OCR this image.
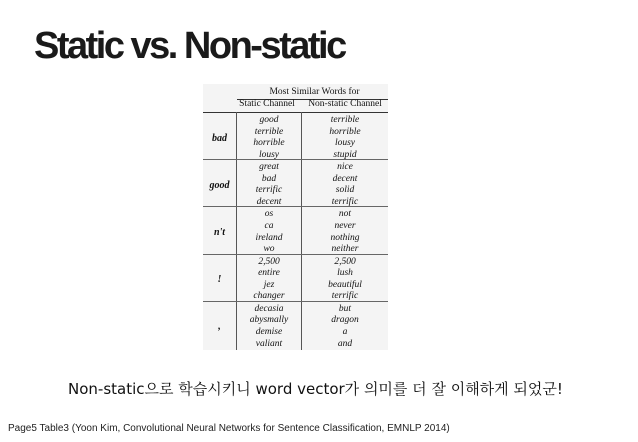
Static vs. Non-static
Most Similar Words for
Static Channel	Non-static Channel
bad
good
terrible
horrible
lousy
terrible
horrible
lousy
stupid
good
great
bad
terrific
decent
nice
decent
solid
terrific
n't
os
ca
ireland
wo
not
never
nothing
neither
!
2,500
entire
jez
changer
2,500
lush
beautiful
terrific
,
decasia
abysmally
demise
valiant
but
dragon
a
and
Non-static으로 학습시키니 word vector가 의미를 더 잘 이해하게 되었군!
Page5 Table3 (Yoon Kim, Convolutional Neural Networks for Sentence Classification, EMNLP 2014)
